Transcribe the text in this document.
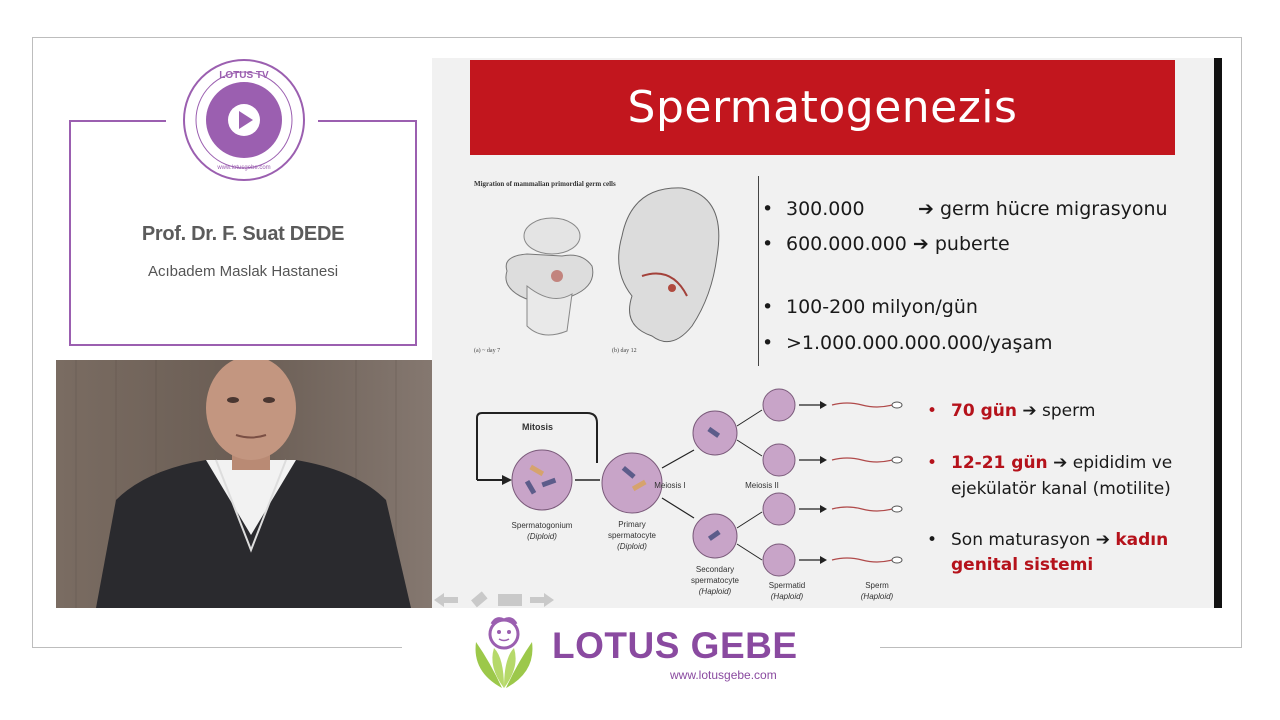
LOTUS TV
www.lotusgebe.com
Prof. Dr. F. Suat DEDE
Acıbadem Maslak Hastanesi
Spermatogenezis
Migration of mammalian primordial germ cells
(a) ~ day 7	(b) day 12
• 300.000 ➔ germ hücre migrasyonu
• 600.000.000 ➔ puberte
• 100-200 milyon/gün
• >1.000.000.000.000/yaşam
Mitosis
Spermatogonium
(Diploid)
Primary
spermatocyte
(Diploid)
Meiosis I	Meiosis II
Secondary
spermatocyte
(Haploid)
Spermatid
(Haploid)
Sperm
(Haploid)
• 70 gün ➔ sperm
• 12-21 gün ➔ epididim ve
ejekülatör kanal (motilite)
• Son maturasyon ➔ kadın
genital sistemi
LOTUS GEBE
www.lotusgebe.com
